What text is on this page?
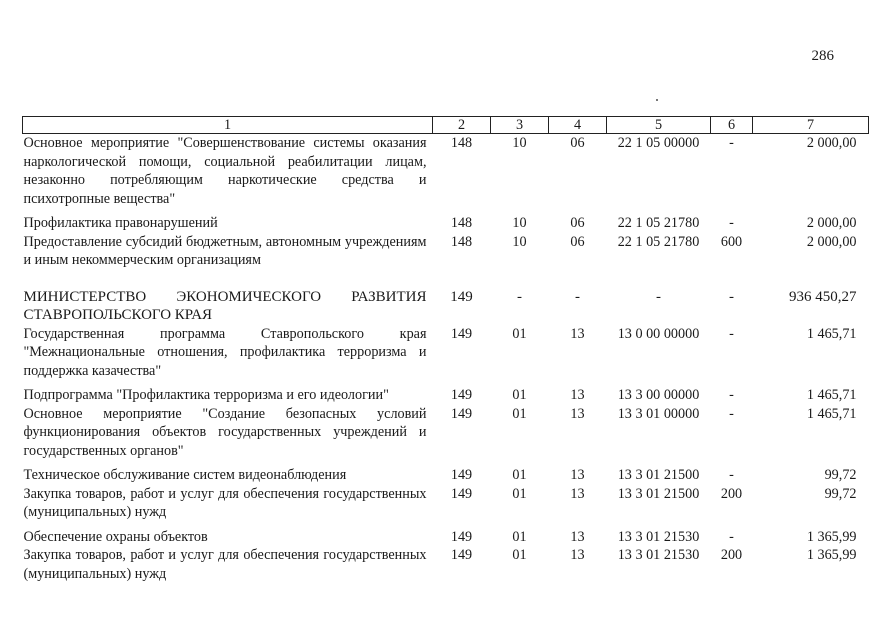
286
1	2	3	4	5	6	7
Основное мероприятие "Совершенствование системы оказания наркологической помощи, социальной реабилитации лицам, незаконно потребляющим наркотические средства и психотропные вещества"	148	10	06	22 1 05 00000	-	2 000,00
Профилактика правонарушений	148	10	06	22 1 05 21780	-	2 000,00
Предоставление субсидий бюджетным, автономным учреждениям и иным некоммерческим организациям	148	10	06	22 1 05 21780	600	2 000,00
МИНИСТЕРСТВО ЭКОНОМИЧЕСКОГО РАЗВИТИЯ СТАВРОПОЛЬСКОГО КРАЯ	149	-	-	-	-	936 450,27
Государственная программа Ставропольского края "Межнациональные отношения, профилактика терроризма и поддержка казачества"	149	01	13	13 0 00 00000	-	1 465,71
Подпрограмма "Профилактика терроризма и его идеологии"	149	01	13	13 3 00 00000	-	1 465,71
Основное мероприятие "Создание безопасных условий функционирования объектов государственных учреждений и государственных органов"	149	01	13	13 3 01 00000	-	1 465,71
Техническое обслуживание систем видеонаблюдения	149	01	13	13 3 01 21500	-	99,72
Закупка товаров, работ и услуг для обеспечения государственных (муниципальных) нужд	149	01	13	13 3 01 21500	200	99,72
Обеспечение охраны объектов	149	01	13	13 3 01 21530	-	1 365,99
Закупка товаров, работ и услуг для обеспечения государственных (муниципальных) нужд	149	01	13	13 3 01 21530	200	1 365,99
